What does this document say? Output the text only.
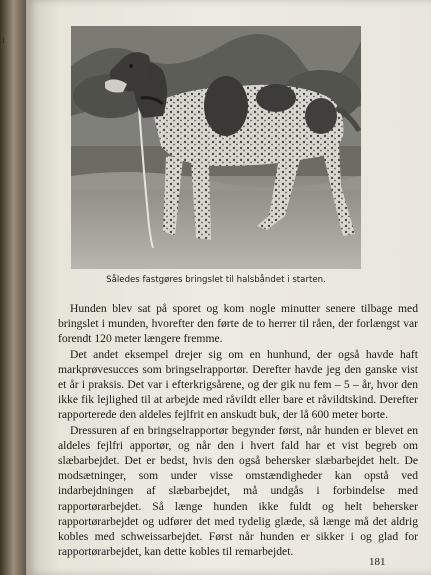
I
Således fastgøres bringslet til halsbåndet i starten.

Hunden blev sat på sporet og kom nogle minutter senere tilbage med bringslet i munden, hvorefter den førte de to herrer til råen, der forlængst var forendt 120 meter længere fremme.

Det andet eksempel drejer sig om en hunhund, der også havde haft markprøvesucces som bringselrapportør. Derefter havde jeg den ganske vist et år i praksis. Det var i efterkrigsårene, og der gik nu fem – 5 – år, hvor den ikke fik lejlighed til at arbejde med råvildt eller bare et råvildtskind. Derefter rapporterede den aldeles fejlfrit en anskudt buk, der lå 600 meter borte.

Dressuren af en bringselrapportør begynder først, når hunden er blevet en aldeles fejlfri apportør, og når den i hvert fald har et vist begreb om slæbarbejdet. Det er bedst, hvis den også behersker slæbarbejdet helt. De modsætninger, som under visse omstændigheder kan opstå ved indarbejdningen af slæbarbejdet, må undgås i forbindelse med rapportørarbejdet. Så længe hunden ikke fuldt og helt behersker rapportørarbejdet og udfører det med tydelig glæde, så længe må det aldrig kobles med schweissarbejdet. Først når hunden er sikker i og glad for rapportørarbejdet, kan dette kobles til remarbejdet.

181
